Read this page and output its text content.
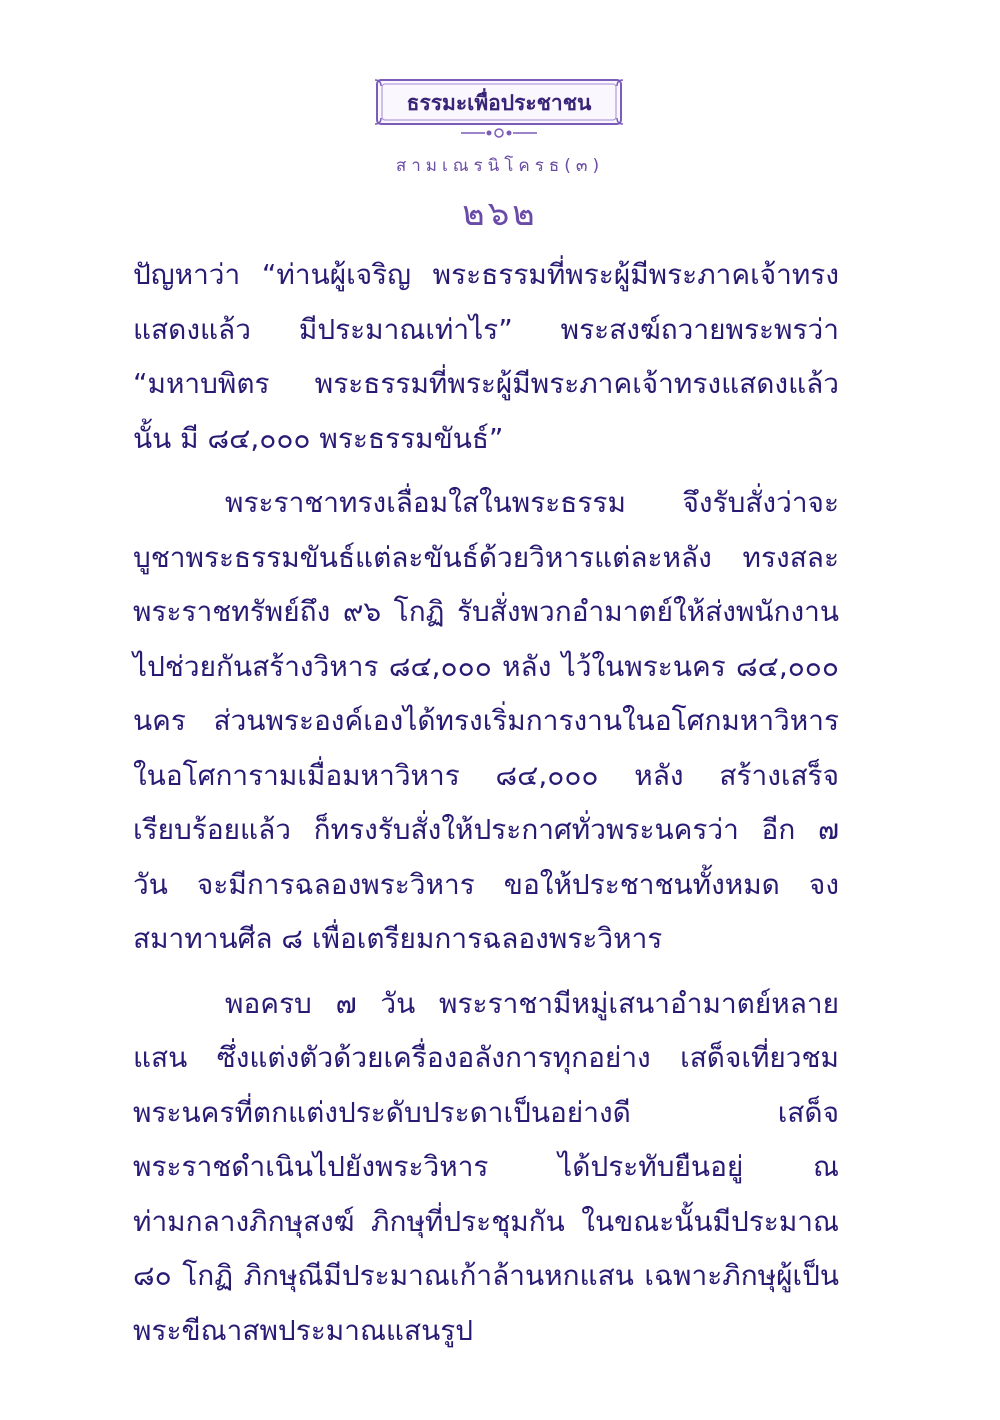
ธรรมะเพื่อประชาชน
สามเณรนิโครธ(๓)
๒๖๒

ปัญหาว่า “ท่านผู้เจริญ พระธรรมที่พระผู้มีพระภาคเจ้าทรงแสดงแล้ว มีประมาณเท่าไร” พระสงฆ์ถวายพระพรว่า “มหาบพิตร พระธรรมที่พระผู้มีพระภาคเจ้าทรงแสดงแล้วนั้น มี ๘๔,๐๐๐ พระธรรมขันธ์”

พระราชาทรงเลื่อมใสในพระธรรม จึงรับสั่งว่าจะบูชาพระธรรมขันธ์แต่ละขันธ์ด้วยวิหารแต่ละหลัง ทรงสละพระราชทรัพย์ถึง ๙๖ โกฏิ รับสั่งพวกอำมาตย์ให้ส่งพนักงานไปช่วยกันสร้างวิหาร ๘๔,๐๐๐ หลัง ไว้ในพระนคร ๘๔,๐๐๐ นคร ส่วนพระองค์เองได้ทรงเริ่มการงานในอโศกมหาวิหาร ในอโศการามเมื่อมหาวิหาร ๘๔,๐๐๐ หลัง สร้างเสร็จเรียบร้อยแล้ว ก็ทรงรับสั่งให้ประกาศทั่วพระนครว่า อีก ๗ วัน จะมีการฉลองพระวิหาร ขอให้ประชาชนทั้งหมด จงสมาทานศีล ๘ เพื่อเตรียมการฉลองพระวิหาร

พอครบ ๗ วัน พระราชามีหมู่เสนาอำมาตย์หลายแสน ซึ่งแต่งตัวด้วยเครื่องอลังการทุกอย่าง เสด็จเที่ยวชมพระนครที่ตกแต่งประดับประดาเป็นอย่างดี เสด็จพระราชดำเนินไปยังพระวิหาร ได้ประทับยืนอยู่ ณ ท่ามกลางภิกษุสงฆ์ ภิกษุที่ประชุมกัน ในขณะนั้นมีประมาณ ๘๐ โกฏิ ภิกษุณีมีประมาณเก้าล้านหกแสน เฉพาะภิกษุผู้เป็นพระขีณาสพประมาณแสนรูป
